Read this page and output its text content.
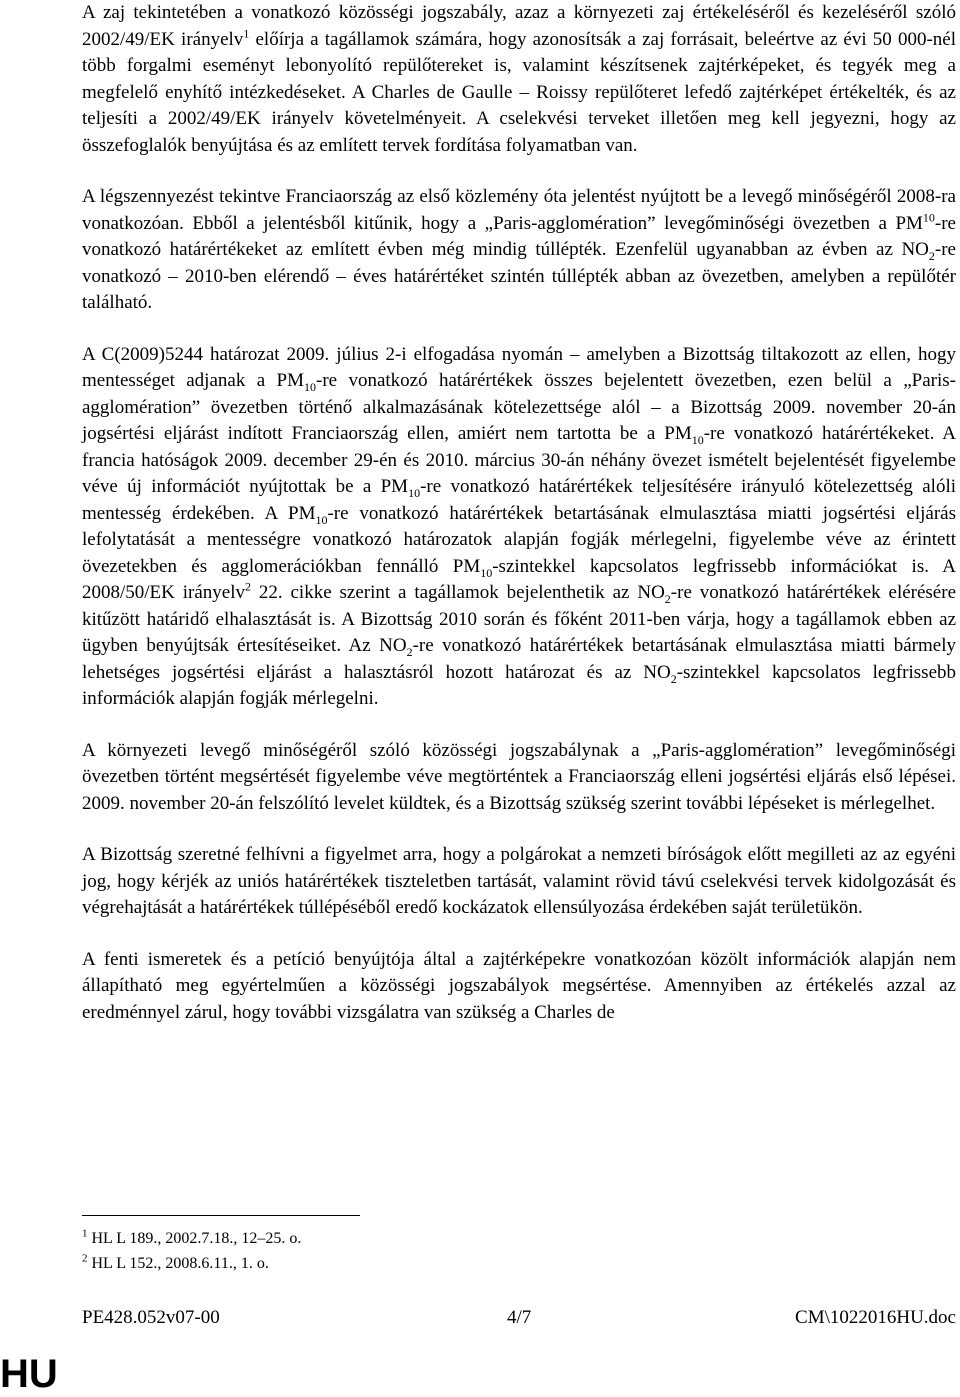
A zaj tekintetében a vonatkozó közösségi jogszabály, azaz a környezeti zaj értékeléséről és kezeléséről szóló 2002/49/EK irányelv$^1$ előírja a tagállamok számára, hogy azonosítsák a zaj forrásait, beleértve az évi 50 000-nél több forgalmi eseményt lebonyolító repülőtereket is, valamint készítsenek zajtérképeket, és tegyék meg a megfelelő enyhítő intézkedéseket. A Charles de Gaulle – Roissy repülőteret lefedő zajtérképet értékelték, és az teljesíti a 2002/49/EK irányelv követelményeit. A cselekvési terveket illetően meg kell jegyezni, hogy az összefoglalók benyújtása és az említett tervek fordítása folyamatban van.

A légszennyezést tekintve Franciaország az első közlemény óta jelentést nyújtott be a levegő minőségéről 2008-ra vonatkozóan. Ebből a jelentésből kitűnik, hogy a „Paris-agglomération” levegőminőségi övezetben a PM$^{10}$-re vonatkozó határértékeket az említett évben még mindig túllépték. Ezenfelül ugyanabban az évben az $NO_2-re$ vonatkozó – 2010-ben elérendő – éves határértéket szintén túllépték abban az övezetben, amelyben a repülőtér található.

A C(2009)5244 határozat 2009. július 2-i elfogadása nyomán – amelyben a Bizottság tiltakozott az ellen, hogy mentességet adjanak a $PM_{10}-re$ vonatkozó határértékek összes bejelentett övezetben, ezen belül a „Paris-agglomération” övezetben történő alkalmazásának kötelezettsége alól – a Bizottság 2009. november 20-án jogsértési eljárást indított Franciaország ellen, amiért nem tartotta be a $PM_{10}-re$ vonatkozó határértékeket. A francia hatóságok 2009. december 29-én és 2010. március 30-án néhány övezet ismételt bejelentését figyelembe véve új információt nyújtottak be a $PM_{10}-re$ vonatkozó határértékek teljesítésére irányuló kötelezettség alóli mentesség érdekében. A $PM_{10}-re$ vonatkozó határértékek betartásának elmulasztása miatti jogsértési eljárás lefolytatását a mentességre vonatkozó határozatok alapján fogják mérlegelni, figyelembe véve az érintett övezetekben és agglomerációkban fennálló $PM_{10}$-szintekkel kapcsolatos legfrissebb információkat is. A 2008/50/EK irányelv$^2$ 22. cikke szerint a tagállamok bejelenthetik az $NO_2-re$ vonatkozó határértékek elérésére kitűzött határidő elhalasztását is. A Bizottság 2010 során és főként 2011-ben várja, hogy a tagállamok ebben az ügyben benyújtsák értesítéseiket. Az $NO_2-re$ vonatkozó határértékek betartásának elmulasztása miatti bármely lehetséges jogsértési eljárást a halasztásról hozott határozat és az $NO_2$-szintekkel kapcsolatos legfrissebb információk alapján fogják mérlegelni.

A környezeti levegő minőségéről szóló közösségi jogszabálynak a „Paris-agglomération” levegőminőségi övezetben történt megsértését figyelembe véve megtörténtek a Franciaország elleni jogsértési eljárás első lépései. 2009. november 20-án felszólító levelet küldtek, és a Bizottság szükség szerint további lépéseket is mérlegelhet.

A Bizottság szeretné felhívni a figyelmet arra, hogy a polgárokat a nemzeti bíróságok előtt megilleti az az egyéni jog, hogy kérjék az uniós határértékek tiszteletben tartását, valamint rövid távú cselekvési tervek kidolgozását és végrehajtását a határértékek túllépéséből eredő kockázatok ellensúlyozása érdekében saját területükön.

A fenti ismeretek és a petíció benyújtója által a zajtérképekre vonatkozóan közölt információk alapján nem állapítható meg egyértelműen a közösségi jogszabályok megsértése. Amennyiben az értékelés azzal az eredménnyel zárul, hogy további vizsgálatra van szükség a Charles de

$^1$ HL L 189., 2002.7.18., 12–25. o.
$^2$ HL L 152., 2008.6.11., 1. o.
PE428.052v07-00	4/7	CM\1022016HU.doc
HU
